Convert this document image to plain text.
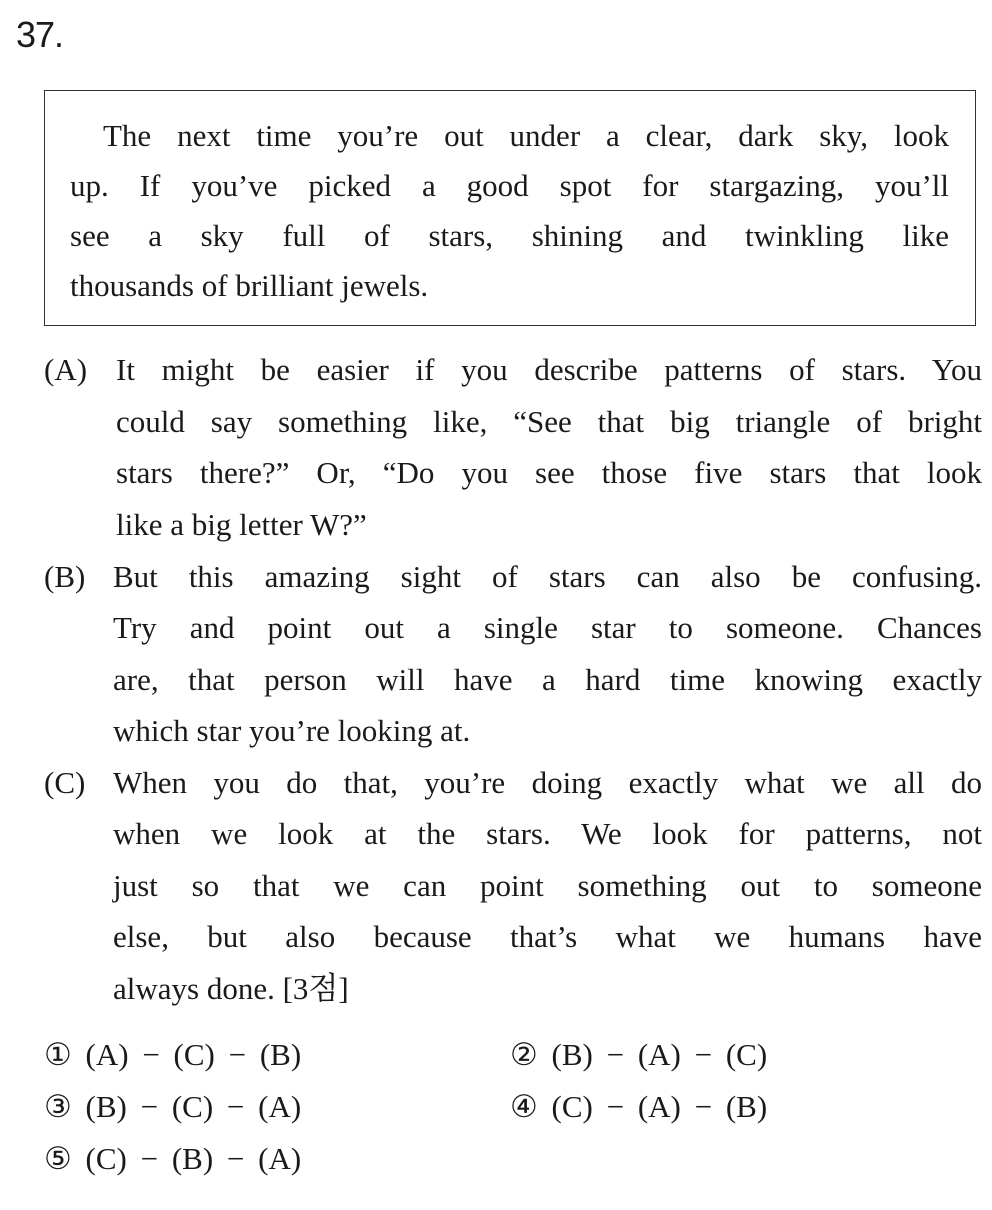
37.
The next time you’re out under a clear, dark sky, look
up. If you’ve picked a good spot for stargazing, you’ll
see a sky full of stars, shining and twinkling like
thousands of brilliant jewels.
(A) It might be easier if you describe patterns of stars. You
could say something like, “See that big triangle of bright
stars there?” Or, “Do you see those five stars that look
like a big letter W?”
(B) But this amazing sight of stars can also be confusing.
Try and point out a single star to someone. Chances
are, that person will have a hard time knowing exactly
which star you’re looking at.
(C) When you do that, you’re doing exactly what we all do
when we look at the stars. We look for patterns, not
just so that we can point something out to someone
else, but also because that’s what we humans have
always done. [3점]
① (A) − (C) − (B)	② (B) − (A) − (C)
③ (B) − (C) − (A)	④ (C) − (A) − (B)
⑤ (C) − (B) − (A)
